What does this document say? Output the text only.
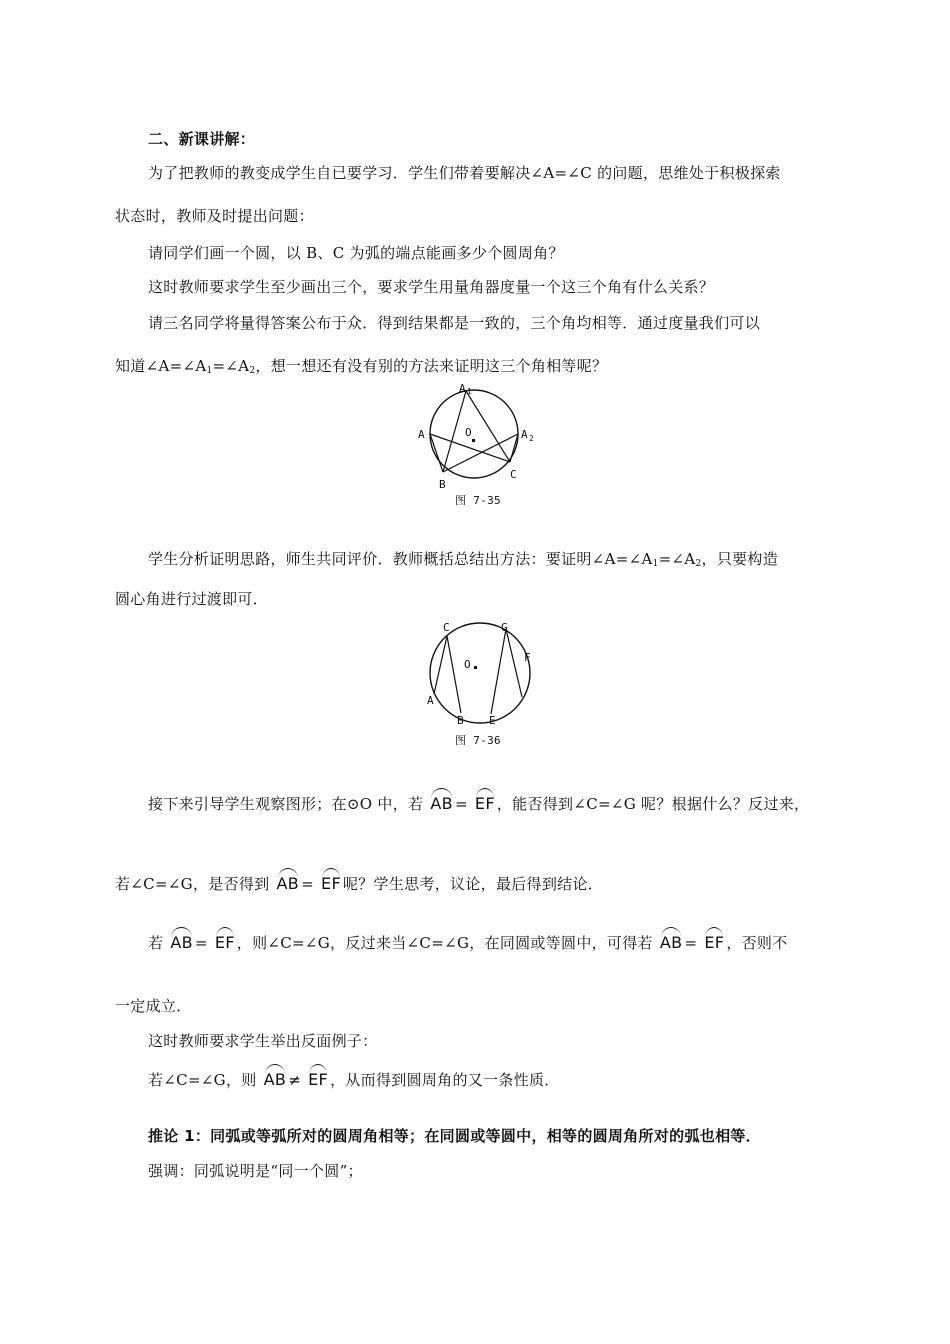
二、新课讲解：
为了把教师的教变成学生自已要学习．学生们带着要解决∠A=∠C 的问题，思维处于积极探索
状态时，教师及时提出问题：
请同学们画一个圆，以 B、C 为弧的端点能画多少个圆周角？
这时教师要求学生至少画出三个，要求学生用量角器度量一个这三个角有什么关系？
请三名同学将量得答案公布于众．得到结果都是一致的，三个角均相等．通过度量我们可以
知道$\angle A=\angle A_1=\angle A_2$，想一想还有没有别的方法来证明这三个角相等呢？
A 1
A	O	A 2
B
C
图 7-35
学生分析证明思路，师生共同评价．教师概括总结出方法：要证明$\angle A=\angle A_1=\angle A_2$，只要构造
圆心角进行过渡即可．
C	G
O
F
A
B E
图 7-36
接下来引导学生观察图形；在⊙O 中，若 AB = EF ，能否得到∠C=∠G 呢？根据什么？反过来，
若∠C=∠G，是否得到 AB = EF 呢？学生思考，议论，最后得到结论．
若 AB = EF ，则∠C=∠G，反过来当∠C=∠G，在同圆或等圆中，可得若 AB = EF ，否则不
一定成立．
这时教师要求学生举出反面例子：
若∠C=∠G，则 AB ≠ EF ，从而得到圆周角的又一条性质．
推论 1：同弧或等弧所对的圆周角相等；在同圆或等圆中，相等的圆周角所对的弧也相等．
强调：同弧说明是“同一个圆”；
